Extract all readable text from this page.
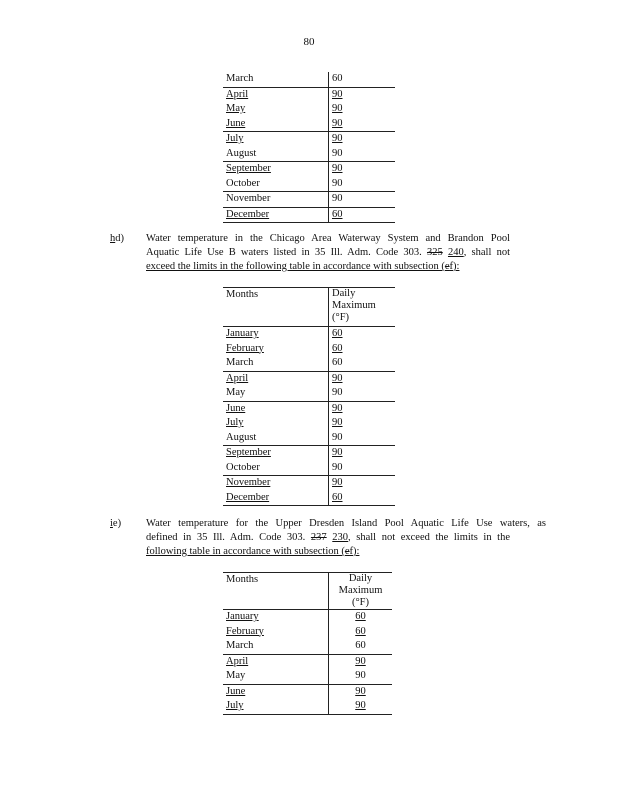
80
March	60
April	90
May	90
June	90
July	90
August	90
September	90
October	90
November	90
December	60
hd) Water temperature in the Chicago Area Waterway System and Brandon Pool
Aquatic Life Use B waters listed in 35 Ill. Adm. Code 303. 325 240, shall not
exceed the limits in the following table in accordance with subsection (ef):
Months	Daily
Maximum
(°F)

January	60
February	60
March	60
April	90
May	90
June	90
July	90
August	90
September	90
October	90
November	90
December	60
ie) Water temperature for the Upper Dresden Island Pool Aquatic Life Use waters, as
defined in 35 Ill. Adm. Code 303. 237 230, shall not exceed the limits in the
following table in accordance with subsection (ef):
Months	Daily
Maximum
(°F)

January	60
February	60
March	60
April	90
May	90
June	90
July	90
